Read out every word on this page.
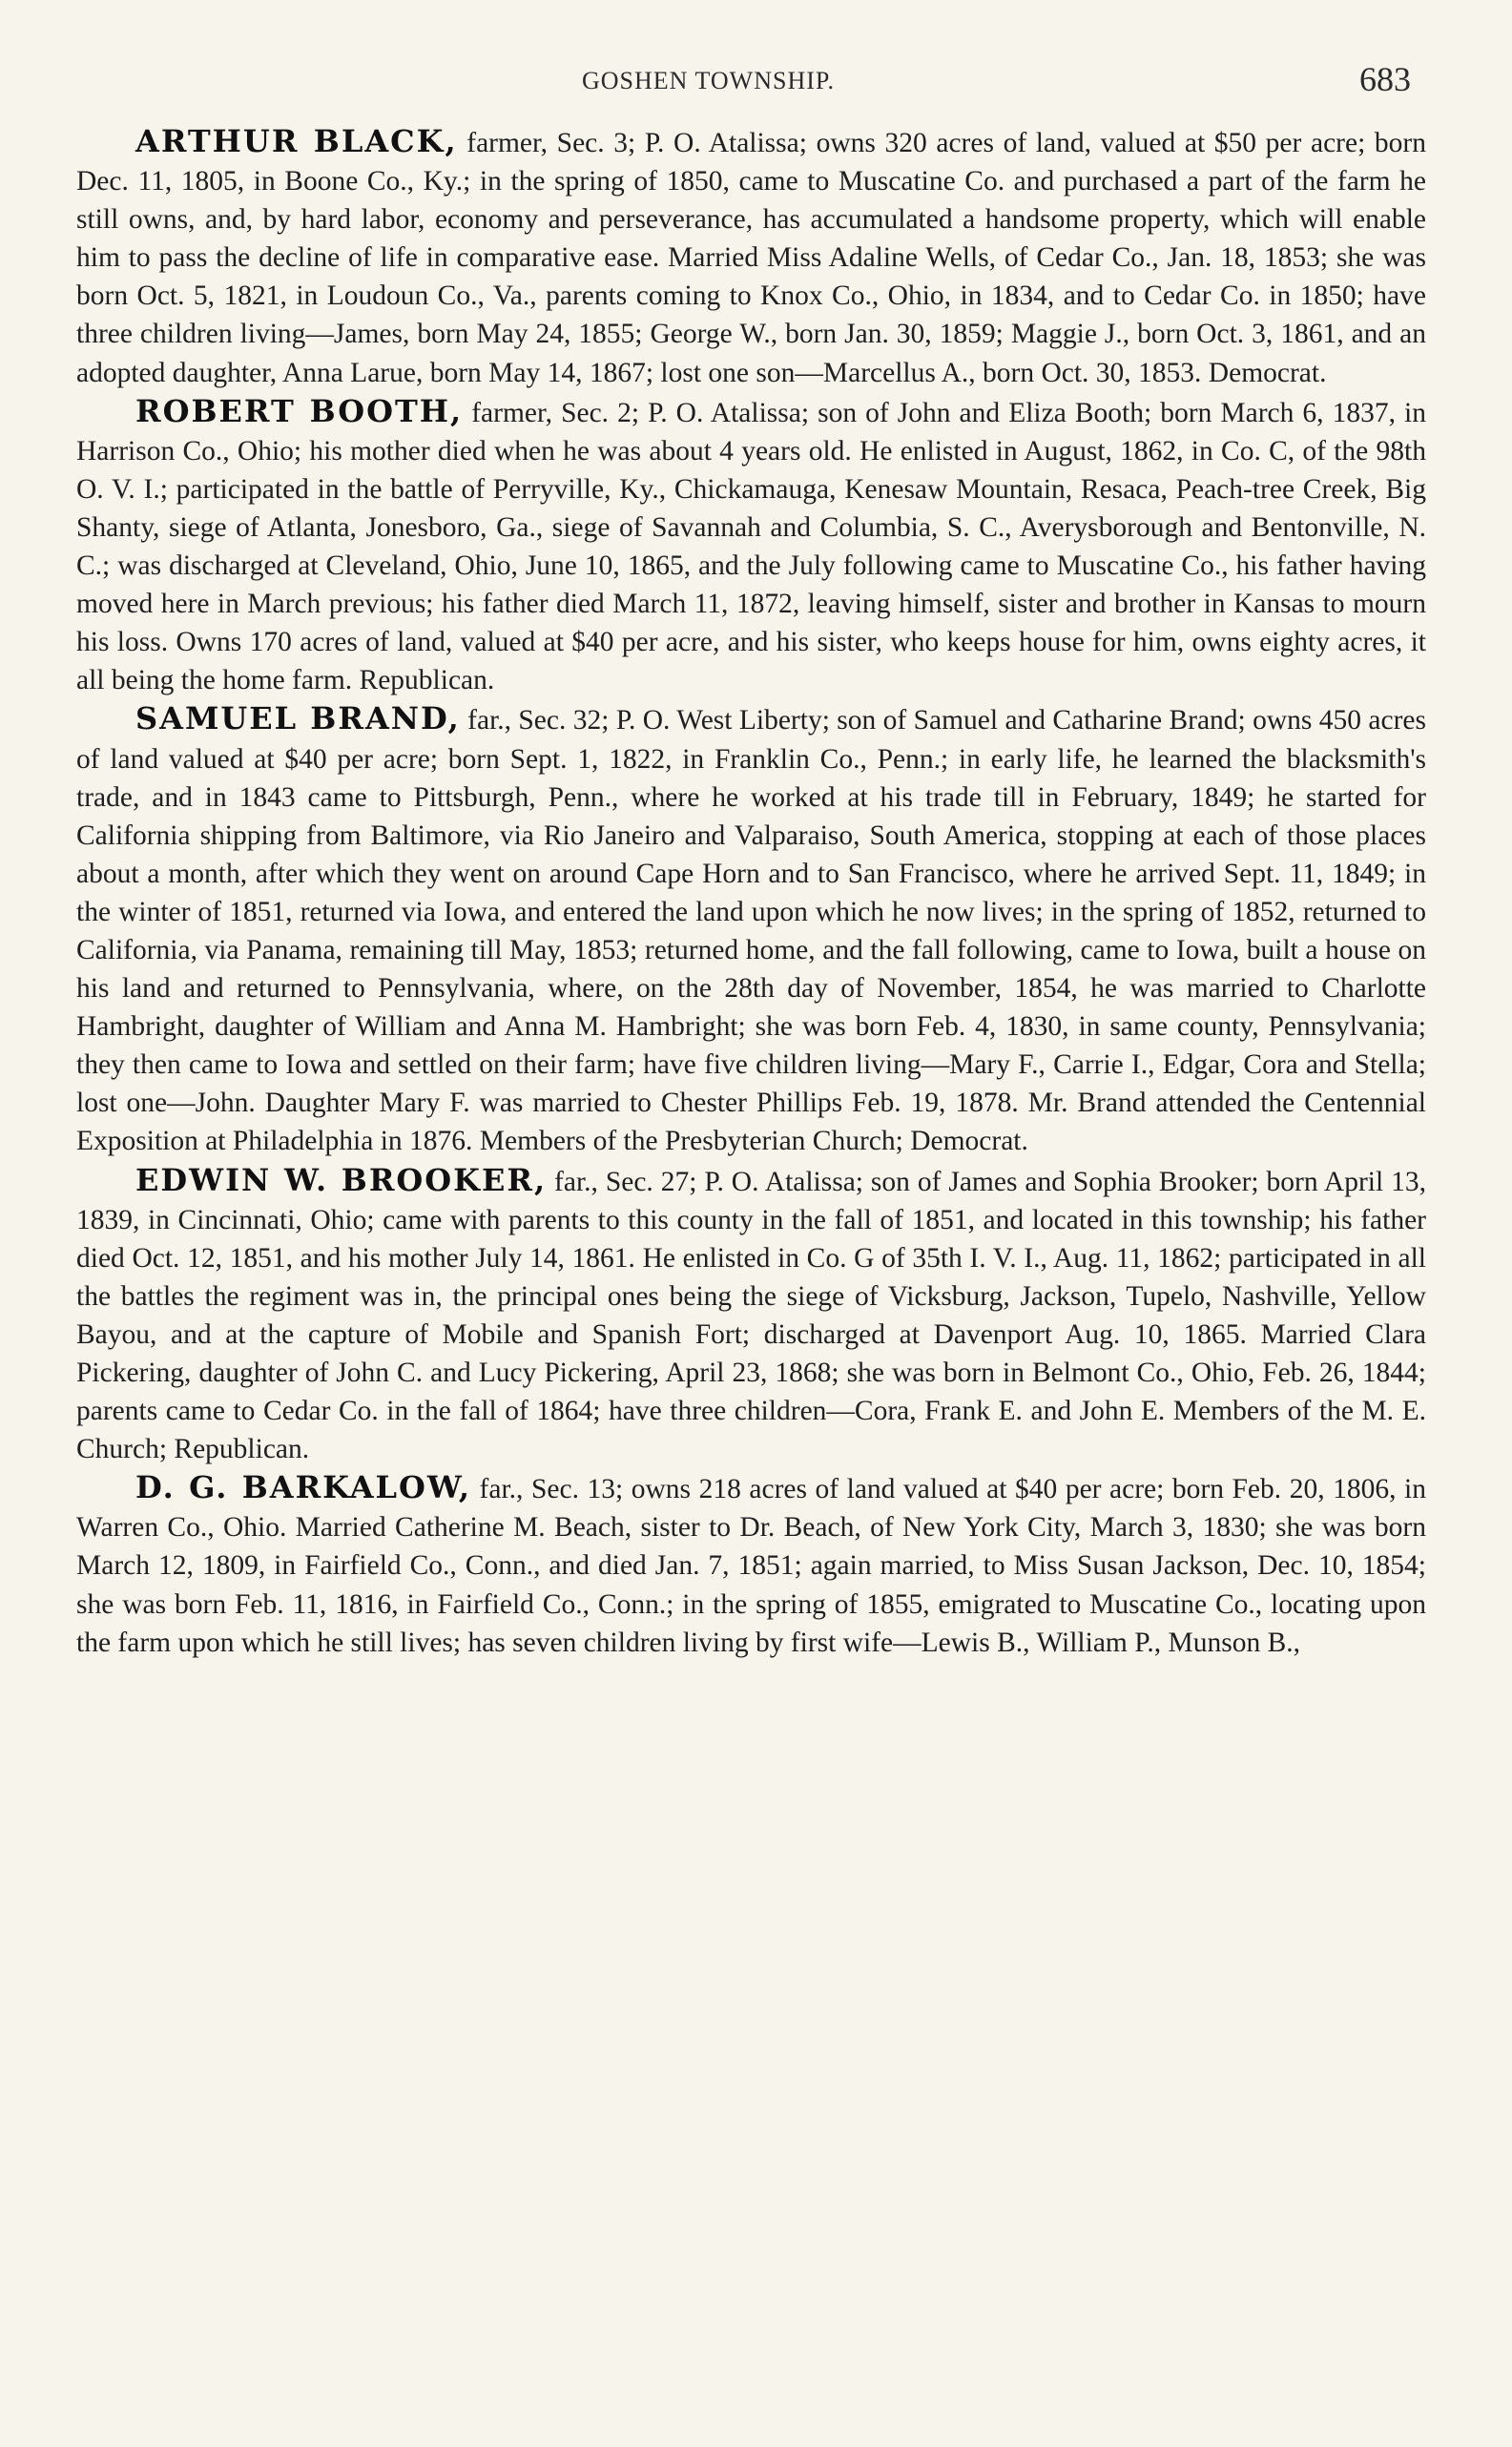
GOSHEN TOWNSHIP.	683

ARTHUR BLACK, farmer, Sec. 3; P. O. Atalissa; owns 320 acres of land, valued at $50 per acre; born Dec. 11, 1805, in Boone Co., Ky.; in the spring of 1850, came to Muscatine Co. and purchased a part of the farm he still owns, and, by hard labor, economy and perseverance, has accumulated a handsome property, which will enable him to pass the decline of life in comparative ease. Married Miss Adaline Wells, of Cedar Co., Jan. 18, 1853; she was born Oct. 5, 1821, in Loudoun Co., Va., parents coming to Knox Co., Ohio, in 1834, and to Cedar Co. in 1850; have three children living—James, born May 24, 1855; George W., born Jan. 30, 1859; Maggie J., born Oct. 3, 1861, and an adopted daughter, Anna Larue, born May 14, 1867; lost one son—Marcellus A., born Oct. 30, 1853. Democrat.

ROBERT BOOTH, farmer, Sec. 2; P. O. Atalissa; son of John and Eliza Booth; born March 6, 1837, in Harrison Co., Ohio; his mother died when he was about 4 years old. He enlisted in August, 1862, in Co. C, of the 98th O. V. I.; participated in the battle of Perryville, Ky., Chickamauga, Kenesaw Mountain, Resaca, Peach-tree Creek, Big Shanty, siege of Atlanta, Jonesboro, Ga., siege of Savannah and Columbia, S. C., Averysborough and Bentonville, N. C.; was discharged at Cleveland, Ohio, June 10, 1865, and the July following came to Muscatine Co., his father having moved here in March previous; his father died March 11, 1872, leaving himself, sister and brother in Kansas to mourn his loss. Owns 170 acres of land, valued at $40 per acre, and his sister, who keeps house for him, owns eighty acres, it all being the home farm. Republican.

SAMUEL BRAND, far., Sec. 32; P. O. West Liberty; son of Samuel and Catharine Brand; owns 450 acres of land valued at $40 per acre; born Sept. 1, 1822, in Franklin Co., Penn.; in early life, he learned the blacksmith's trade, and in 1843 came to Pittsburgh, Penn., where he worked at his trade till in February, 1849; he started for California shipping from Baltimore, via Rio Janeiro and Valparaiso, South America, stopping at each of those places about a month, after which they went on around Cape Horn and to San Francisco, where he arrived Sept. 11, 1849; in the winter of 1851, returned via Iowa, and entered the land upon which he now lives; in the spring of 1852, returned to California, via Panama, remaining till May, 1853; returned home, and the fall following, came to Iowa, built a house on his land and returned to Pennsylvania, where, on the 28th day of November, 1854, he was married to Charlotte Hambright, daughter of William and Anna M. Hambright; she was born Feb. 4, 1830, in same county, Pennsylvania; they then came to Iowa and settled on their farm; have five children living—Mary F., Carrie I., Edgar, Cora and Stella; lost one—John. Daughter Mary F. was married to Chester Phillips Feb. 19, 1878. Mr. Brand attended the Centennial Exposition at Philadelphia in 1876. Members of the Presbyterian Church; Democrat.

EDWIN W. BROOKER, far., Sec. 27; P. O. Atalissa; son of James and Sophia Brooker; born April 13, 1839, in Cincinnati, Ohio; came with parents to this county in the fall of 1851, and located in this township; his father died Oct. 12, 1851, and his mother July 14, 1861. He enlisted in Co. G of 35th I. V. I., Aug. 11, 1862; participated in all the battles the regiment was in, the principal ones being the siege of Vicksburg, Jackson, Tupelo, Nashville, Yellow Bayou, and at the capture of Mobile and Spanish Fort; discharged at Davenport Aug. 10, 1865. Married Clara Pickering, daughter of John C. and Lucy Pickering, April 23, 1868; she was born in Belmont Co., Ohio, Feb. 26, 1844; parents came to Cedar Co. in the fall of 1864; have three children—Cora, Frank E. and John E. Members of the M. E. Church; Republican.

D. G. BARKALOW, far., Sec. 13; owns 218 acres of land valued at $40 per acre; born Feb. 20, 1806, in Warren Co., Ohio. Married Catherine M. Beach, sister to Dr. Beach, of New York City, March 3, 1830; she was born March 12, 1809, in Fairfield Co., Conn., and died Jan. 7, 1851; again married, to Miss Susan Jackson, Dec. 10, 1854; she was born Feb. 11, 1816, in Fairfield Co., Conn.; in the spring of 1855, emigrated to Muscatine Co., locating upon the farm upon which he still lives; has seven children living by first wife—Lewis B., William P., Munson B.,
